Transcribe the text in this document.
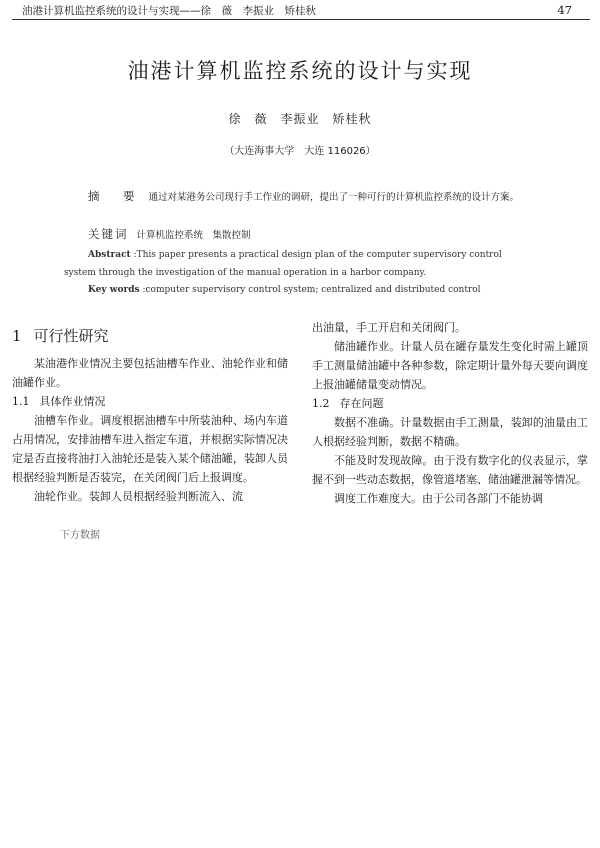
油港计算机监控系统的设计与实现——徐　薇　李振业　矫桂秋	47
油港计算机监控系统的设计与实现
徐　薇　李振业　矫桂秋
（大连海事大学　大连 116026）
摘　要 通过对某港务公司现行手工作业的调研，提出了一种可行的计算机监控系统的设计方案。
关键词 计算机监控系统　集散控制
Abstract :This paper presents a practical design plan of the computer supervisory control system through the investigation of the manual operation in a harbor company.
Key words :computer supervisory control system; centralized and distributed control
1 可行性研究

某油港作业情况主要包括油槽车作业、油轮作业和储油罐作业。

1.1 具体作业情况

油槽车作业。调度根据油槽车中所装油种、场内车道占用情况，安排油槽车进入指定车道，并根据实际情况决定是否直接将油打入油轮还是装入某个储油罐，装卸人员根据经验判断是否装完，在关闭阀门后上报调度。

油轮作业。装卸人员根据经验判断流入、流

下方数据

出油量，手工开启和关闭阀门。

储油罐作业。计量人员在罐存量发生变化时需上罐顶手工测量储油罐中各种参数，除定期计量外每天要向调度上报油罐储量变动情况。

1.2 存在问题

数据不准确。计量数据由手工测量，装卸的油量由工人根据经验判断，数据不精确。

不能及时发现故障。由于没有数字化的仪表显示，掌握不到一些动态数据，像管道堵塞、储油罐泄漏等情况。

调度工作难度大。由于公司各部门不能协调
